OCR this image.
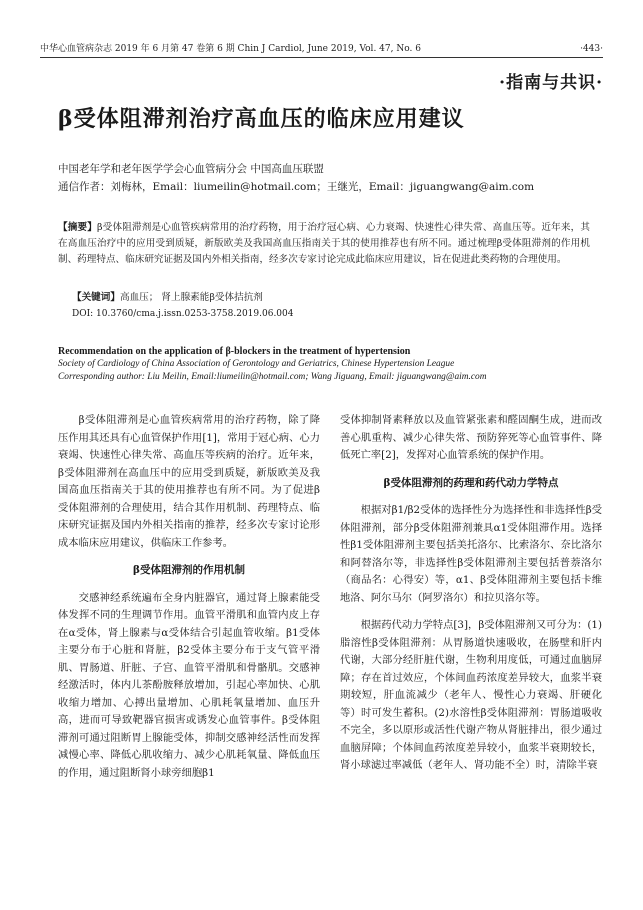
中华心血管病杂志 2019 年 6 月第 47 卷第 6 期 Chin J Cardiol, June 2019, Vol. 47, No. 6	·443·
·指南与共识·
β受体阻滞剂治疗高血压的临床应用建议
中国老年学和老年医学学会心血管病分会 中国高血压联盟
通信作者：刘梅林，Email：liumeilin@hotmail.com；王继光，Email：jiguangwang@aim.com
【摘要】β受体阻滞剂是心血管疾病常用的治疗药物，用于治疗冠心病、心力衰竭、快速性心律失常、高血压等。近年来，其在高血压治疗中的应用受到质疑，新版欧美及我国高血压指南关于其的使用推荐也有所不同。通过梳理β受体阻滞剂的作用机制、药理特点、临床研究证据及国内外相关指南，经多次专家讨论完成此临床应用建议，旨在促进此类药物的合理使用。
【关键词】高血压； 肾上腺素能β受体拮抗剂
DOI: 10.3760/cma.j.issn.0253-3758.2019.06.004
Recommendation on the application of β-blockers in the treatment of hypertension
Society of Cardiology of China Association of Gerontology and Geriatrics, Chinese Hypertension League
Corresponding author: Liu Meilin, Email:liumeilin@hotmail.com; Wang Jiguang, Email: jiguangwang@aim.com

β受体阻滞剂是心血管疾病常用的治疗药物，除了降压作用其还具有心血管保护作用[1]，常用于冠心病、心力衰竭、快速性心律失常、高血压等疾病的治疗。近年来，β受体阻滞剂在高血压中的应用受到质疑，新版欧美及我国高血压指南关于其的使用推荐也有所不同。为了促进β受体阻滞剂的合理使用，结合其作用机制、药理特点、临床研究证据及国内外相关指南的推荐，经多次专家讨论形成本临床应用建议，供临床工作参考。

β受体阻滞剂的作用机制

交感神经系统遍布全身内脏器官，通过肾上腺素能受体发挥不同的生理调节作用。血管平滑肌和血管内皮上存在α受体，肾上腺素与α受体结合引起血管收缩。β1受体主要分布于心脏和肾脏，β2受体主要分布于支气管平滑肌、胃肠道、肝脏、子宫、血管平滑肌和骨骼肌。交感神经激活时，体内儿茶酚胺释放增加，引起心率加快、心肌收缩力增加、心搏出量增加、心肌耗氧量增加、血压升高，进而可导致靶器官损害或诱发心血管事件。β受体阻滞剂可通过阻断胃上腺能受体，抑制交感神经活性而发挥减慢心率、降低心肌收缩力、减少心肌耗氧量、降低血压的作用，通过阻断肾小球旁细胞β1

受体抑制肾素释放以及血管紧张素和醛固酮生成，进而改善心肌重构、减少心律失常、预防猝死等心血管事件、降低死亡率[2]，发挥对心血管系统的保护作用。

β受体阻滞剂的药理和药代动力学特点

根据对β1/β2受体的选择性分为选择性和非选择性β受体阻滞剂，部分β受体阻滞剂兼具α1受体阻滞作用。选择性β1受体阻滞剂主要包括美托洛尔、比索洛尔、奈比洛尔和阿替洛尔等，非选择性β受体阻滞剂主要包括普萘洛尔（商品名：心得安）等，α1、β受体阻滞剂主要包括卡维地洛、阿尔马尔（阿罗洛尔）和拉贝洛尔等。

根据药代动力学特点[3]，β受体阻滞剂又可分为：(1)脂溶性β受体阻滞剂：从胃肠道快速吸收，在肠壁和肝内代谢，大部分经肝脏代谢，生物利用度低，可通过血脑屏障；存在首过效应，个体间血药浓度差异较大，血浆半衰期较短，肝血流减少（老年人、慢性心力衰竭、肝硬化等）时可发生蓄积。(2)水溶性β受体阻滞剂：胃肠道吸收不完全，多以原形或活性代谢产物从肾脏排出，很少通过血脑屏障；个体间血药浓度差异较小，血浆半衰期较长，肾小球滤过率减低（老年人、肾功能不全）时，清除半衰
